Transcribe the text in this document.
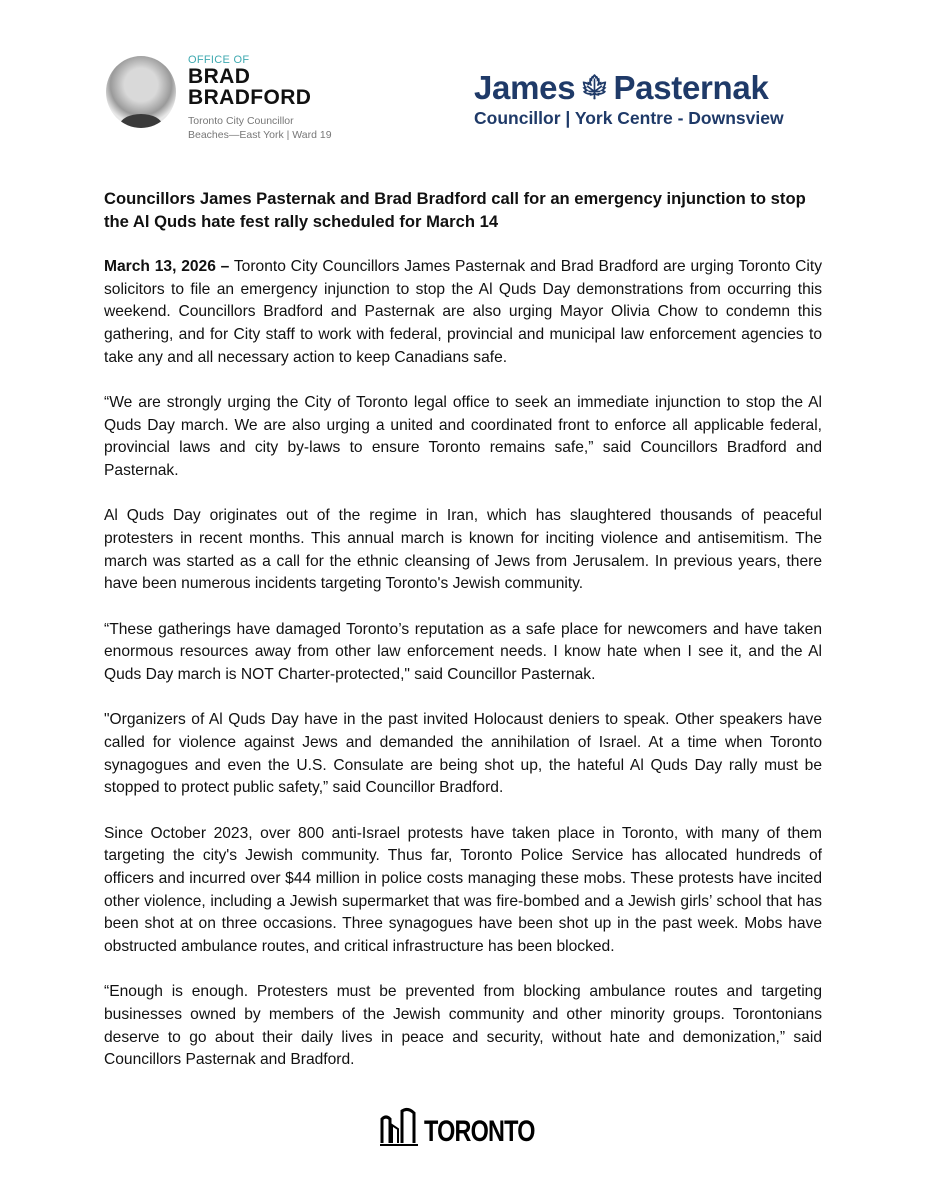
OFFICE OF
BRAD
BRADFORD
Toronto City Councillor
Beaches—East York | Ward 19
James 🍁︎ Pasternak
Councillor | York Centre - Downsview
Councillors James Pasternak and Brad Bradford call for an emergency injunction to stop the Al Quds hate fest rally scheduled for March 14

March 13, 2026 – Toronto City Councillors James Pasternak and Brad Bradford are urging Toronto City solicitors to file an emergency injunction to stop the Al Quds Day demonstrations from occurring this weekend. Councillors Bradford and Pasternak are also urging Mayor Olivia Chow to condemn this gathering, and for City staff to work with federal, provincial and municipal law enforcement agencies to take any and all necessary action to keep Canadians safe.

“We are strongly urging the City of Toronto legal office to seek an immediate injunction to stop the Al Quds Day march. We are also urging a united and coordinated front to enforce all applicable federal, provincial laws and city by-laws to ensure Toronto remains safe,” said Councillors Bradford and Pasternak.

Al Quds Day originates out of the regime in Iran, which has slaughtered thousands of peaceful protesters in recent months. This annual march is known for inciting violence and antisemitism. The march was started as a call for the ethnic cleansing of Jews from Jerusalem. In previous years, there have been numerous incidents targeting Toronto's Jewish community.

“These gatherings have damaged Toronto’s reputation as a safe place for newcomers and have taken enormous resources away from other law enforcement needs. I know hate when I see it, and the Al Quds Day march is NOT Charter-protected," said Councillor Pasternak.

"Organizers of Al Quds Day have in the past invited Holocaust deniers to speak. Other speakers have called for violence against Jews and demanded the annihilation of Israel. At a time when Toronto synagogues and even the U.S. Consulate are being shot up, the hateful Al Quds Day rally must be stopped to protect public safety,” said Councillor Bradford.

Since October 2023, over 800 anti-Israel protests have taken place in Toronto, with many of them targeting the city's Jewish community. Thus far, Toronto Police Service has allocated hundreds of officers and incurred over $44 million in police costs managing these mobs. These protests have incited other violence, including a Jewish supermarket that was fire-bombed and a Jewish girls’ school that has been shot at on three occasions. Three synagogues have been shot up in the past week. Mobs have obstructed ambulance routes, and critical infrastructure has been blocked.

“Enough is enough. Protesters must be prevented from blocking ambulance routes and targeting businesses owned by members of the Jewish community and other minority groups. Torontonians deserve to go about their daily lives in peace and security, without hate and demonization,” said Councillors Pasternak and Bradford.

TORONTO
